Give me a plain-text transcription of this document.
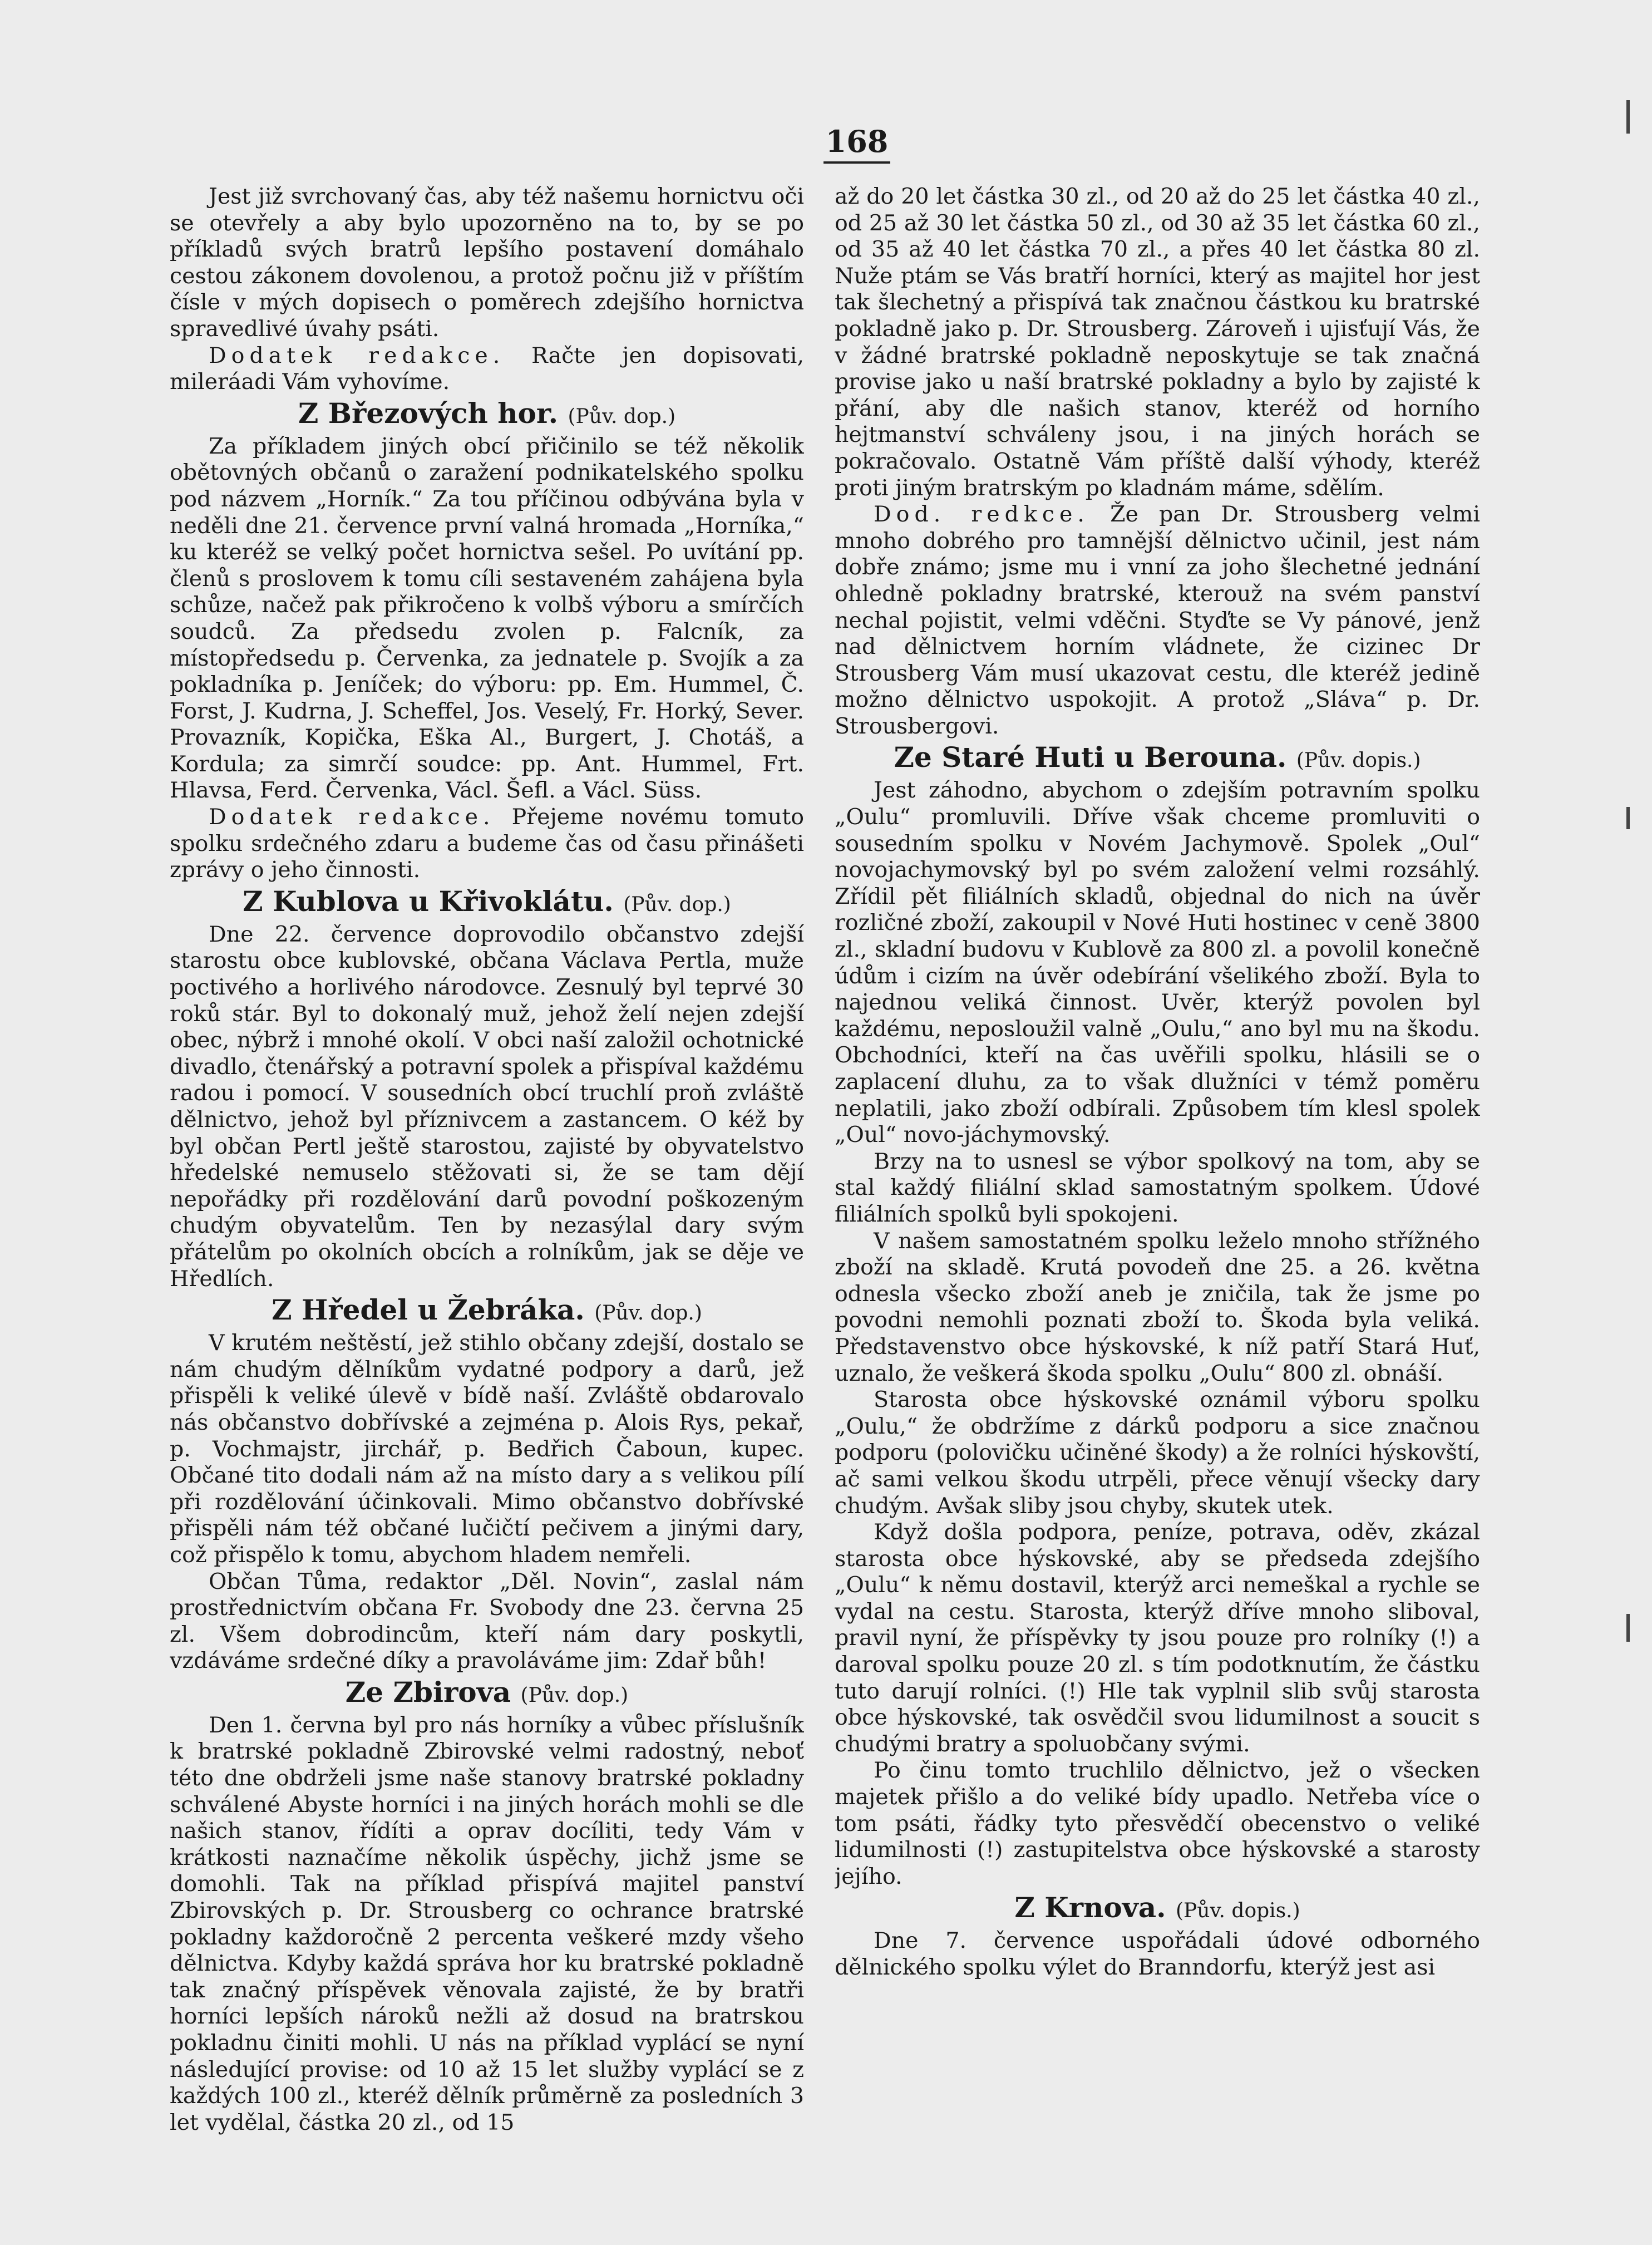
168

Jest již svrchovaný čas, aby též našemu hornictvu oči se otevřely a aby bylo upozorněno na to, by se po příkladů svých bratrů lepšího postavení domáhalo cestou zákonem dovolenou, a protož počnu již v příštím čísle v mých dopisech o poměrech zdejšího hornictva spravedlivé úvahy psáti.

Dodatek redakce. Račte jen dopisovati, mileráadi Vám vyhovíme.

Z Březových hor. (Pův. dop.)

Za příkladem jiných obcí přičinilo se též několik obětovných občanů o zaražení podnikatelského spolku pod názvem „Horník.“ Za tou příčinou odbývána byla v neděli dne 21. července první valná hromada „Horníka,“ ku kteréž se velký počet hornictva sešel. Po uvítání pp. členů s proslovem k tomu cíli sestaveném zahájena byla schůze, načež pak přikročeno k volbš výboru a smírčích soudců. Za předsedu zvolen p. Falcník, za místopředsedu p. Červenka, za jednatele p. Svojík a za pokladníka p. Jeníček; do výboru: pp. Em. Hummel, Č. Forst, J. Kudrna, J. Scheffel, Jos. Veselý, Fr. Horký, Sever. Provazník, Kopička, Eška Al., Burgert, J. Chotáš, a Kordula; za simrčí soudce: pp. Ant. Hummel, Frt. Hlavsa, Ferd. Červenka, Václ. Šefl. a Václ. Süss.

Dodatek redakce. Přejeme novému tomuto spolku srdečného zdaru a budeme čas od času přinášeti zprávy o jeho činnosti.

Z Kublova u Křivoklátu. (Pův. dop.)

Dne 22. července doprovodilo občanstvo zdejší starostu obce kublovské, občana Václava Pertla, muže poctivého a horlivého národovce. Zesnulý byl teprvé 30 roků stár. Byl to dokonalý muž, jehož želí nejen zdejší obec, nýbrž i mnohé okolí. V obci naší založil ochotnické divadlo, čtenářský a potravní spolek a přispíval každému radou i pomocí. V sousedních obcí truchlí proň zvláště dělnictvo, jehož byl příznivcem a zastancem. O kéž by byl občan Pertl ještě starostou, zajisté by obyvatelstvo hředelské nemuselo stěžovati si, že se tam dějí nepořádky při rozdělování darů povodní poškozeným chudým obyvatelům. Ten by nezasýlal dary svým přátelům po okolních obcích a rolníkům, jak se děje ve Hředlích.

Z Hředel u Žebráka. (Pův. dop.)

V krutém neštěstí, jež stihlo občany zdejší, dostalo se nám chudým dělníkům vydatné podpory a darů, jež přispěli k veliké úlevě v bídě naší. Zvláště obdarovalo nás občanstvo dobřívské a zejména p. Alois Rys, pekař, p. Vochmajstr, jirchář, p. Bedřich Čaboun, kupec. Občané tito dodali nám až na místo dary a s velikou pílí při rozdělování účinkovali. Mimo občanstvo dobřívské přispěli nám též občané lučičtí pečivem a jinými dary, což přispělo k tomu, abychom hladem nemřeli.

Občan Tůma, redaktor „Děl. Novin“, zaslal nám prostřednictvím občana Fr. Svobody dne 23. června 25 zl. Všem dobrodincům, kteří nám dary poskytli, vzdáváme srdečné díky a pravoláváme jim: Zdař bůh!

Ze Zbirova (Pův. dop.)

Den 1. června byl pro nás horníky a vůbec příslušník k bratrské pokladně Zbirovské velmi radostný, neboť této dne obdrželi jsme naše stanovy bratrské pokladny schválené Abyste horníci i na jiných horách mohli se dle našich stanov, řídíti a oprav docíliti, tedy Vám v krátkosti naznačíme několik úspěchy, jichž jsme se domohli. Tak na příklad přispívá majitel panství Zbirovských p. Dr. Strousberg co ochrance bratrské pokladny každoročně 2 percenta veškeré mzdy všeho dělnictva. Kdyby každá správa hor ku bratrské pokladně tak značný příspěvek věnovala zajisté, že by bratři horníci lepších nároků nežli až dosud na bratrskou pokladnu činiti mohli. U nás na příklad vyplácí se nyní následující provise: od 10 až 15 let služby vyplácí se z každých 100 zl., kteréž dělník průměrně za posledních 3 let vydělal, částka 20 zl., od 15

až do 20 let částka 30 zl., od 20 až do 25 let částka 40 zl., od 25 až 30 let částka 50 zl., od 30 až 35 let částka 60 zl., od 35 až 40 let částka 70 zl., a přes 40 let částka 80 zl. Nuže ptám se Vás bratří horníci, který as majitel hor jest tak šlechetný a přispívá tak značnou částkou ku bratrské pokladně jako p. Dr. Strousberg. Zároveň i ujisťují Vás, že v žádné bratrské pokladně neposkytuje se tak značná provise jako u naší bratrské pokladny a bylo by zajisté k přání, aby dle našich stanov, kteréž od horního hejtmanství schváleny jsou, i na jiných horách se pokračovalo. Ostatně Vám příště další výhody, kteréž proti jiným bratrským po kladnám máme, sdělím.

Dod. redkce. Že pan Dr. Strousberg velmi mnoho dobrého pro tamnější dělnictvo učinil, jest nám dobře známo; jsme mu i vnní za joho šlechetné jednání ohledně pokladny bratrské, kterouž na svém panství nechal pojistit, velmi vděčni. Styďte se Vy pánové, jenž nad dělnictvem horním vládnete, že cizinec Dr Strousberg Vám musí ukazovat cestu, dle kteréž jedině možno dělnictvo uspokojit. A protož „Sláva“ p. Dr. Strousbergovi.

Ze Staré Huti u Berouna. (Pův. dopis.)

Jest záhodno, abychom o zdejším potravním spolku „Oulu“ promluvili. Dříve však chceme promluviti o sousedním spolku v Novém Jachymově. Spolek „Oul“ novojachymovský byl po svém založení velmi rozsáhlý. Zřídil pět filiálních skladů, objednal do nich na úvěr rozličné zboží, zakoupil v Nové Huti hostinec v ceně 3800 zl., skladní budovu v Kublově za 800 zl. a povolil konečně údům i cizím na úvěr odebírání všelikého zboží. Byla to najednou veliká činnost. Uvěr, kterýž povolen byl každému, neposloužil valně „Oulu,“ ano byl mu na škodu. Obchodníci, kteří na čas uvěřili spolku, hlásili se o zaplacení dluhu, za to však dlužníci v témž poměru neplatili, jako zboží odbírali. Způsobem tím klesl spolek „Oul“ novo-jáchymovský.

Brzy na to usnesl se výbor spolkový na tom, aby se stal každý filiální sklad samostatným spolkem. Údové filiálních spolků byli spokojeni.

V našem samostatném spolku leželo mnoho střížného zboží na skladě. Krutá povodeň dne 25. a 26. května odnesla všecko zboží aneb je zničila, tak že jsme po povodni nemohli poznati zboží to. Škoda byla veliká. Představenstvo obce hýskovské, k níž patří Stará Huť, uznalo, že veškerá škoda spolku „Oulu“ 800 zl. obnáší.

Starosta obce hýskovské oznámil výboru spolku „Oulu,“ že obdržíme z dárků podporu a sice značnou podporu (polovičku učiněné škody) a že rolníci hýskovští, ač sami velkou škodu utrpěli, přece věnují všecky dary chudým. Avšak sliby jsou chyby, skutek utek.

Když došla podpora, peníze, potrava, oděv, zkázal starosta obce hýskovské, aby se předseda zdejšího „Oulu“ k němu dostavil, kterýž arci nemeškal a rychle se vydal na cestu. Starosta, kterýž dříve mnoho sliboval, pravil nyní, že příspěvky ty jsou pouze pro rolníky (!) a daroval spolku pouze 20 zl. s tím podotknutím, že částku tuto darují rolníci. (!) Hle tak vyplnil slib svůj starosta obce hýskovské, tak osvědčil svou lidumilnost a soucit s chudými bratry a spoluobčany svými.

Po činu tomto truchlilo dělnictvo, jež o všecken majetek přišlo a do veliké bídy upadlo. Netřeba více o tom psáti, řádky tyto přesvědčí obecenstvo o veliké lidumilnosti (!) zastupitelstva obce hýskovské a starosty jejího.

Z Krnova. (Pův. dopis.)

Dne 7. července uspořádali údové odborného dělnického spolku výlet do Branndorfu, kterýž jest asi
